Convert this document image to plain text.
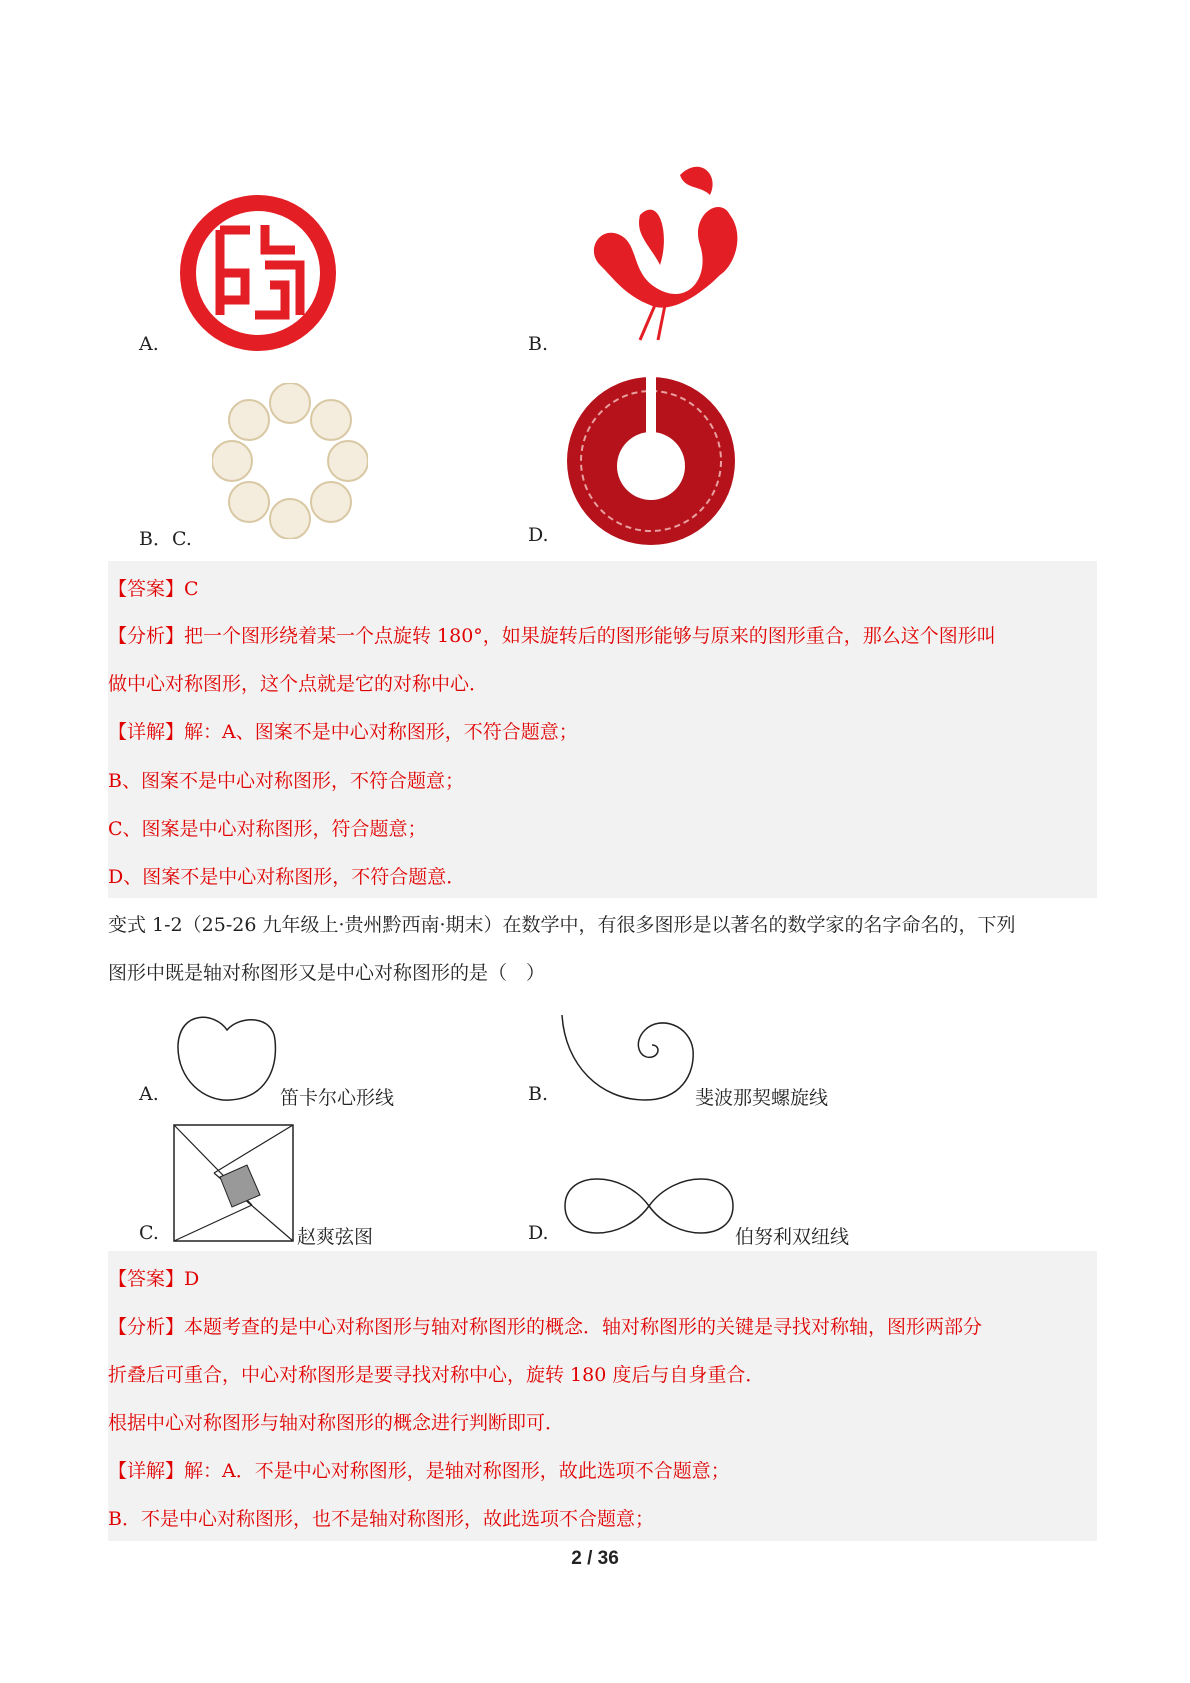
A.	B.
B．C.	D.
【答案】C
【分析】把一个图形绕着某一个点旋转 180°，如果旋转后的图形能够与原来的图形重合，那么这个图形叫
做中心对称图形，这个点就是它的对称中心．
【详解】解：A、图案不是中心对称图形，不符合题意；
B、图案不是中心对称图形，不符合题意；
C、图案是中心对称图形，符合题意；
D、图案不是中心对称图形，不符合题意．
变式 1-2（25-26 九年级上·贵州黔西南·期末）在数学中，有很多图形是以著名的数学家的名字命名的，下列
图形中既是轴对称图形又是中心对称图形的是（　）
A.	笛卡尔心形线	B.	斐波那契螺旋线
C.	赵爽弦图	D.	伯努利双纽线
【答案】D
【分析】本题考查的是中心对称图形与轴对称图形的概念．轴对称图形的关键是寻找对称轴，图形两部分
折叠后可重合，中心对称图形是要寻找对称中心，旋转 180 度后与自身重合．
根据中心对称图形与轴对称图形的概念进行判断即可．
【详解】解：A．不是中心对称图形，是轴对称图形，故此选项不合题意；
B．不是中心对称图形，也不是轴对称图形，故此选项不合题意；
2 / 36
